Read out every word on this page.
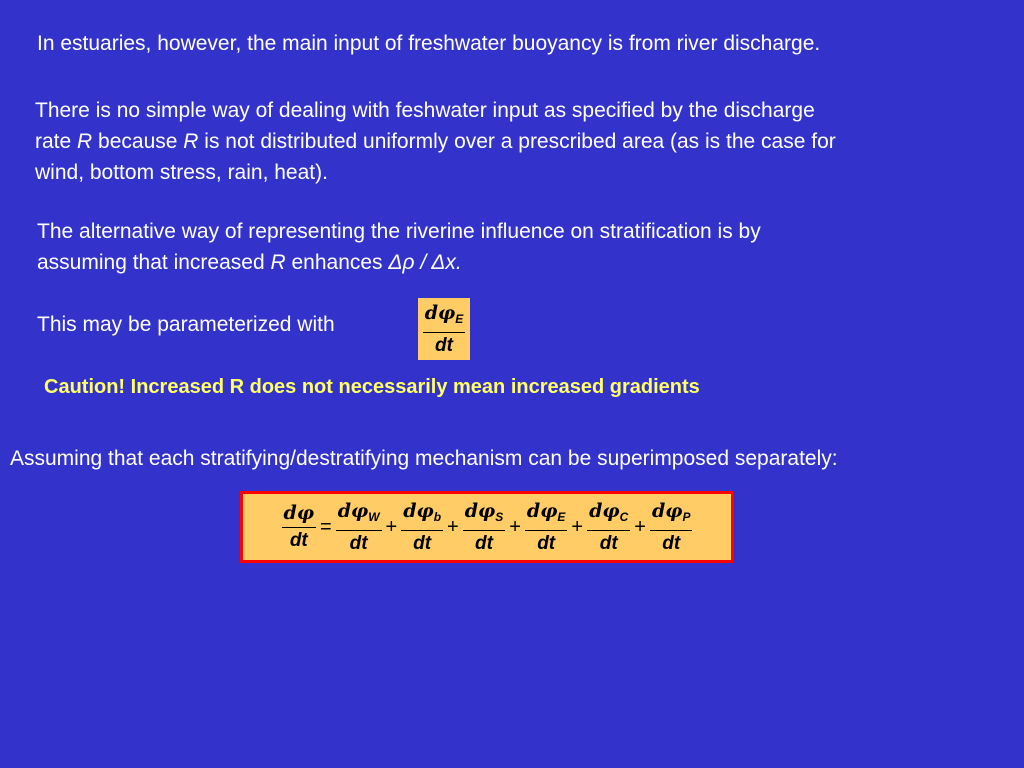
In estuaries, however, the main input of freshwater buoyancy is from river discharge.
There is no simple way of dealing with feshwater input as specified by the discharge
rate R because R is not distributed uniformly over a prescribed area (as is the case for
wind, bottom stress, rain, heat).
The alternative way of representing the riverine influence on stratification is by
assuming that increased R enhances Δρ / Δx.
This may be parameterized with	$\frac{d\varphi_E}{dt}$
Caution! Increased R does not necessarily mean increased gradients
Assuming that each stratifying/destratifying mechanism can be superimposed separately:
$\frac{d\varphi}{dt} = \frac{d\varphi_W}{dt} + \frac{d\varphi_b}{dt} + \frac{d\varphi_S}{dt} + \frac{d\varphi_E}{dt} + \frac{d\varphi_C}{dt} + \frac{d\varphi_P}{dt}$
